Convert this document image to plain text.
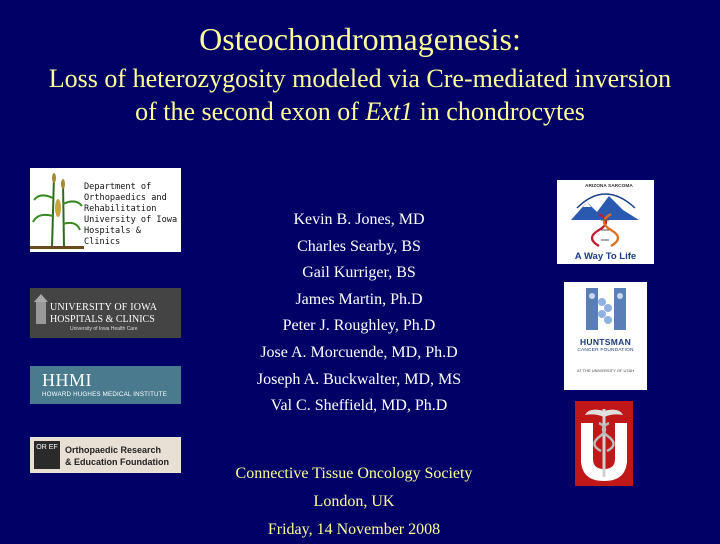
Osteochondromagenesis:
Loss of heterozygosity modeled via Cre-mediated inversion
of the second exon of Ext1 in chondrocytes
Kevin B. Jones, MD
Charles Searby, BS
Gail Kurriger, BS
James Martin, Ph.D
Peter J. Roughley, Ph.D
Jose A. Morcuende, MD, Ph.D
Joseph A. Buckwalter, MD, MS
Val C. Sheffield, MD, Ph.D
Connective Tissue Oncology Society
London, UK
Friday, 14 November 2008
Department of
Orthopaedics and
Rehabilitation
University of Iowa
Hospitals & Clinics
UNIVERSITY OF IOWA
HOSPITALS & CLINICS
University of Iowa Health Care
HHMI
HOWARD HUGHES MEDICAL INSTITUTE
OR EF Orthopaedic Research
& Education Foundation
ARIZONA SARCOMA
A Way To Life
HUNTSMAN
CANCER FOUNDATION
AT THE UNIVERSITY OF UTAH
